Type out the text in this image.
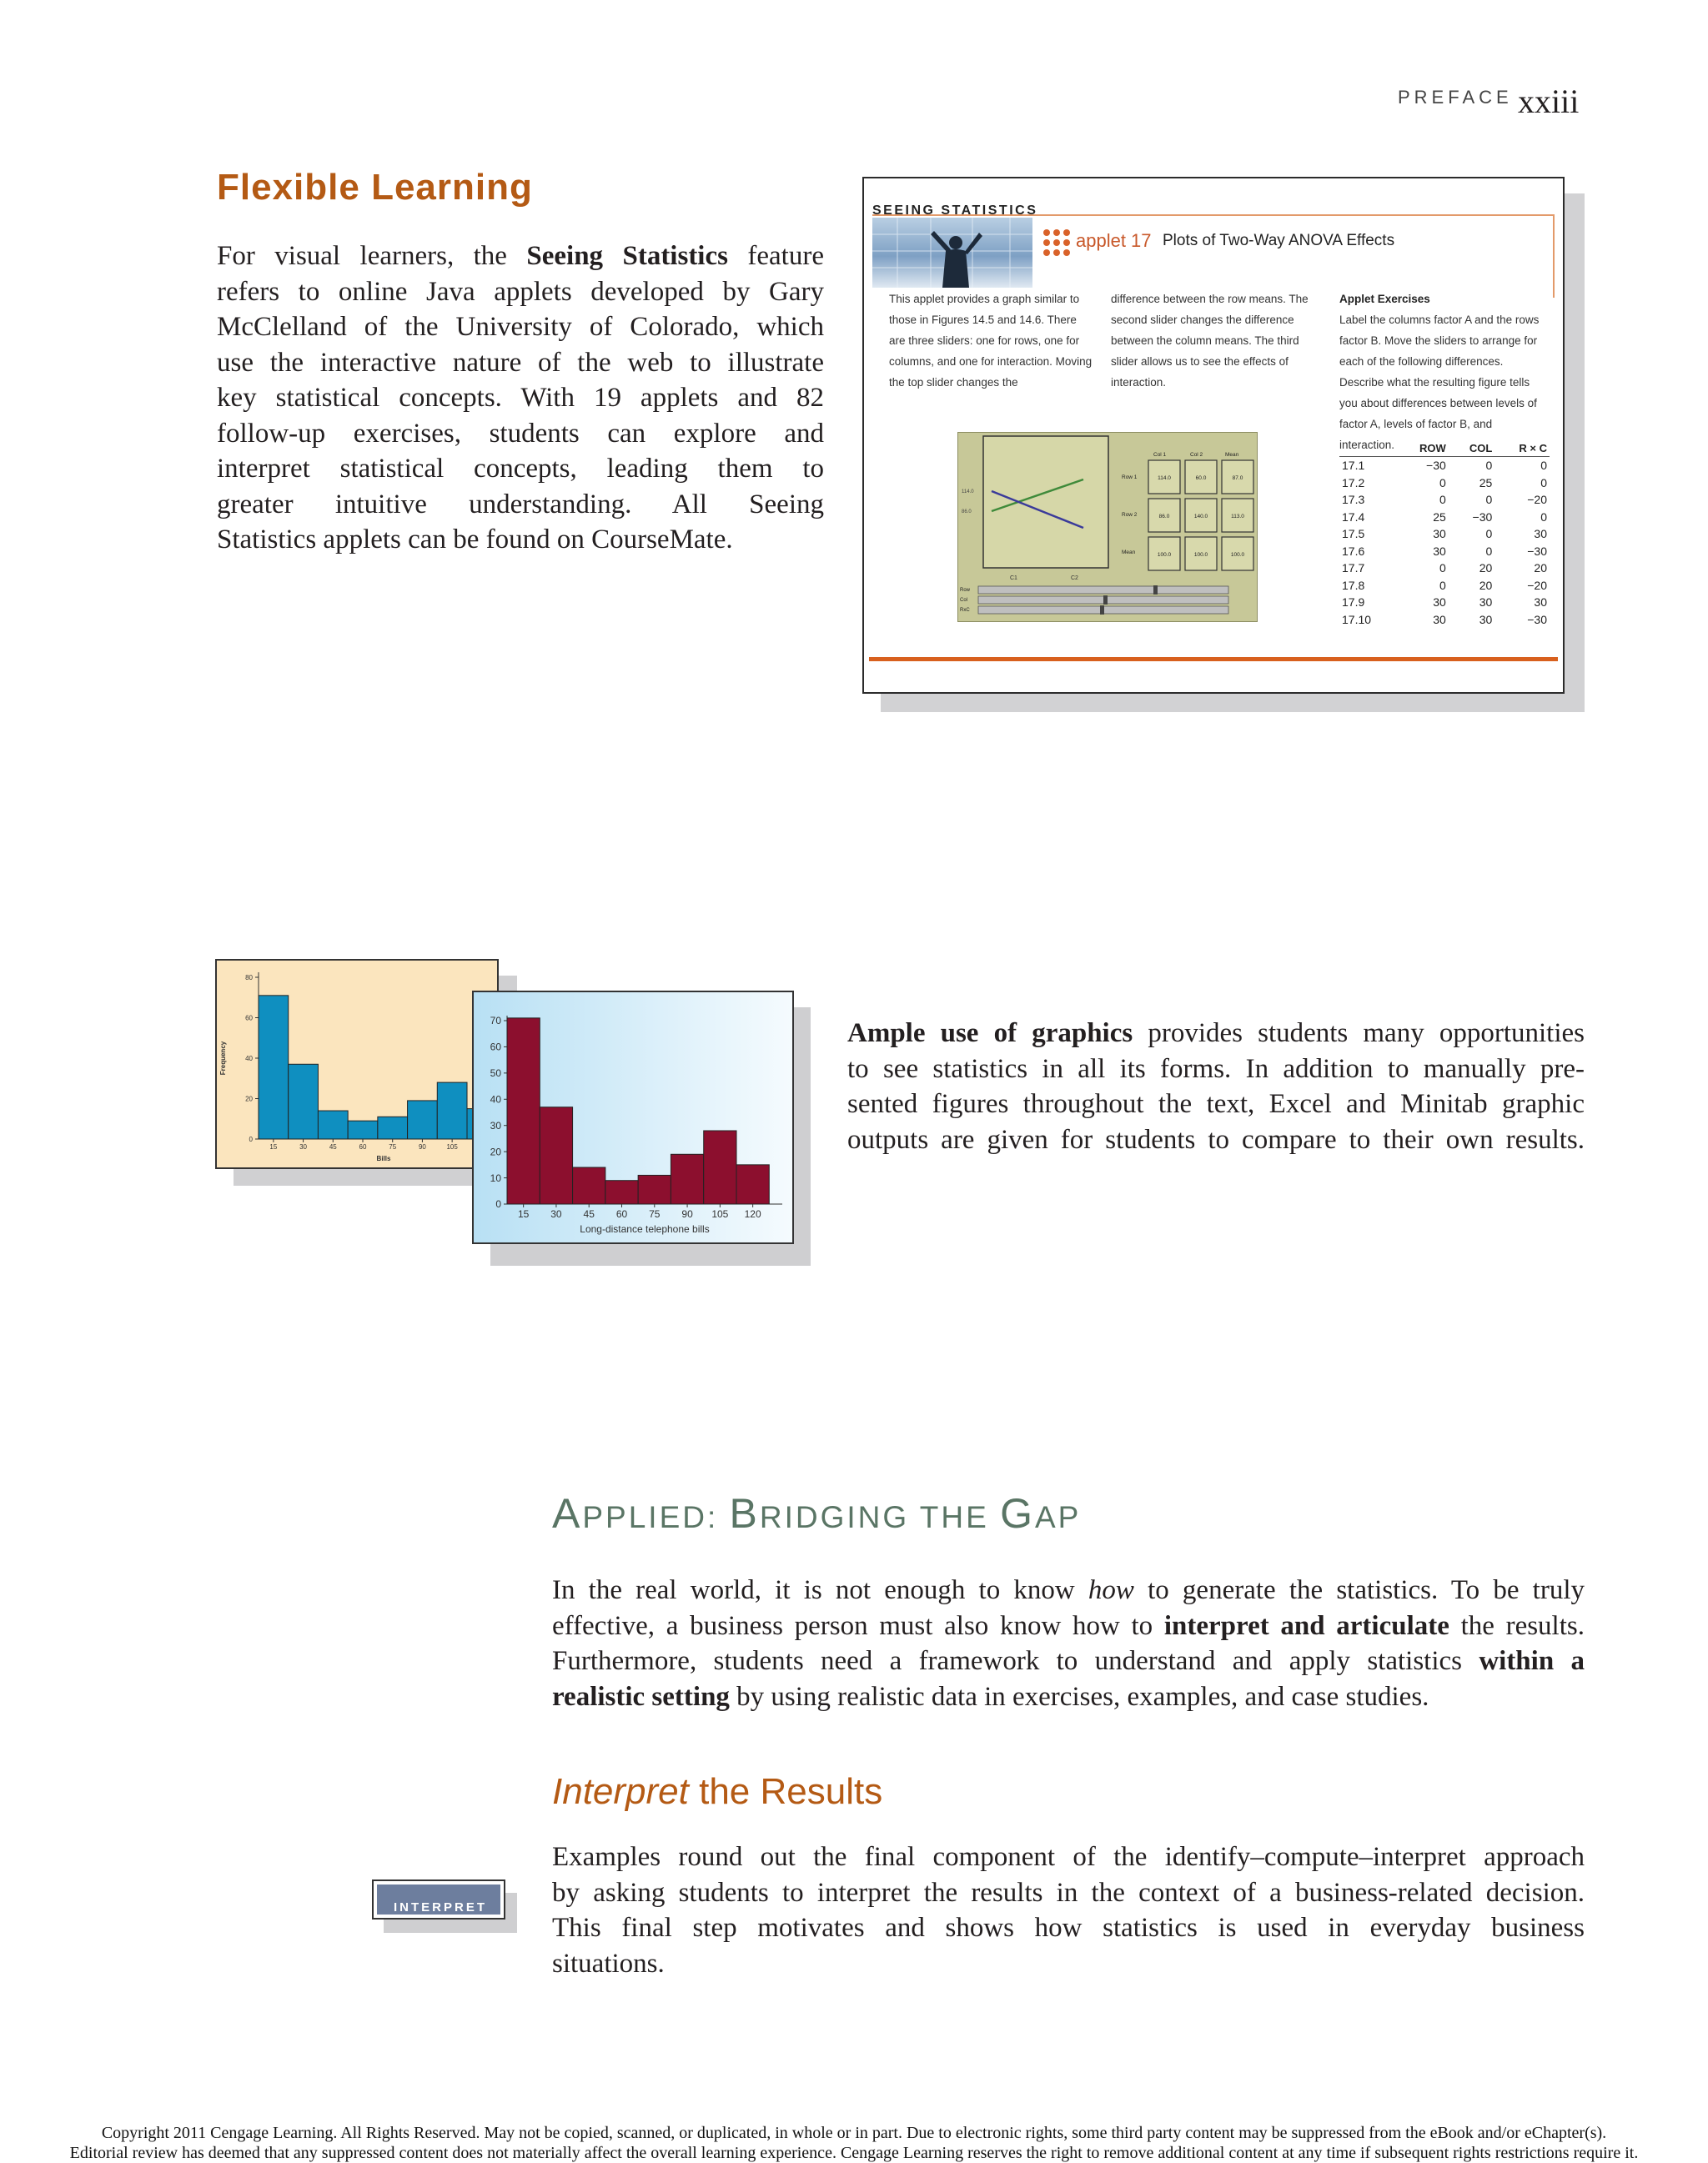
PREFACE xxiii
Flexible Learning
For visual learners, the Seeing Statistics feature
refers to online Java applets developed by Gary
McClelland of the University of Colorado, which
use the interactive nature of the web to illustrate
key statistical concepts. With 19 applets and 82
follow-up exercises, students can explore and
interpret statistical concepts, leading them to
greater intuitive understanding. All Seeing
Statistics applets can be found on CourseMate.
SEEING STATISTICS
applet 17 Plots of Two-Way ANOVA Effects
This applet provides a graph similar to those in Figures 14.5 and 14.6. There are three sliders: one for rows, one for columns, and one for interaction. Moving the top slider changes the
difference between the row means. The second slider changes the difference between the column means. The third slider allows us to see the effects of interaction.
Applet Exercises
Label the columns factor A and the rows factor B. Move the sliders to arrange for each of the following differences. Describe what the resulting figure tells you about differences between levels of factor A, levels of factor B, and interaction.
C1	C2
114.0
86.0
Col 1	Col 2	Mean
Row 1
Row 2
Mean
114.0	60.0	87.0
86.0	140.0	113.0
100.0	100.0	100.0
Row
Col
RxC
	ROW	COL	R × C
17.1	−30	0	0
17.2	0	25	0
17.3	0	0	−20
17.4	25	−30	0
17.5	30	0	30
17.6	30	0	−30
17.7	0	20	20
17.8	0	20	−20
17.9	30	30	30
17.10	30	30	−30
0
20
40
60
80
15	30	45	60	75	90	105
Bills
Frequency
0
10
20
30
40
50
60
70
15 30 45 60 75 90 105 120
Long-distance telephone bills
Ample use of graphics provides students many opportunities
to see statistics in all its forms. In addition to manually pre-
sented figures throughout the text, Excel and Minitab graphic
outputs are given for students to compare to their own results.
APPLIED: BRIDGING THE GAP
In the real world, it is not enough to know how to generate the statistics. To be truly
effective, a business person must also know how to interpret and articulate the results.
Furthermore, students need a framework to understand and apply statistics within a
realistic setting by using realistic data in exercises, examples, and case studies.
Interpret the Results
Examples round out the final component of the identify–compute–interpret approach
by asking students to interpret the results in the context of a business-related decision.
This final step motivates and shows how statistics is used in everyday business
situations.
INTERPRET
Copyright 2011 Cengage Learning. All Rights Reserved. May not be copied, scanned, or duplicated, in whole or in part. Due to electronic rights, some third party content may be suppressed from the eBook and/or eChapter(s).
Editorial review has deemed that any suppressed content does not materially affect the overall learning experience. Cengage Learning reserves the right to remove additional content at any time if subsequent rights restrictions require it.
